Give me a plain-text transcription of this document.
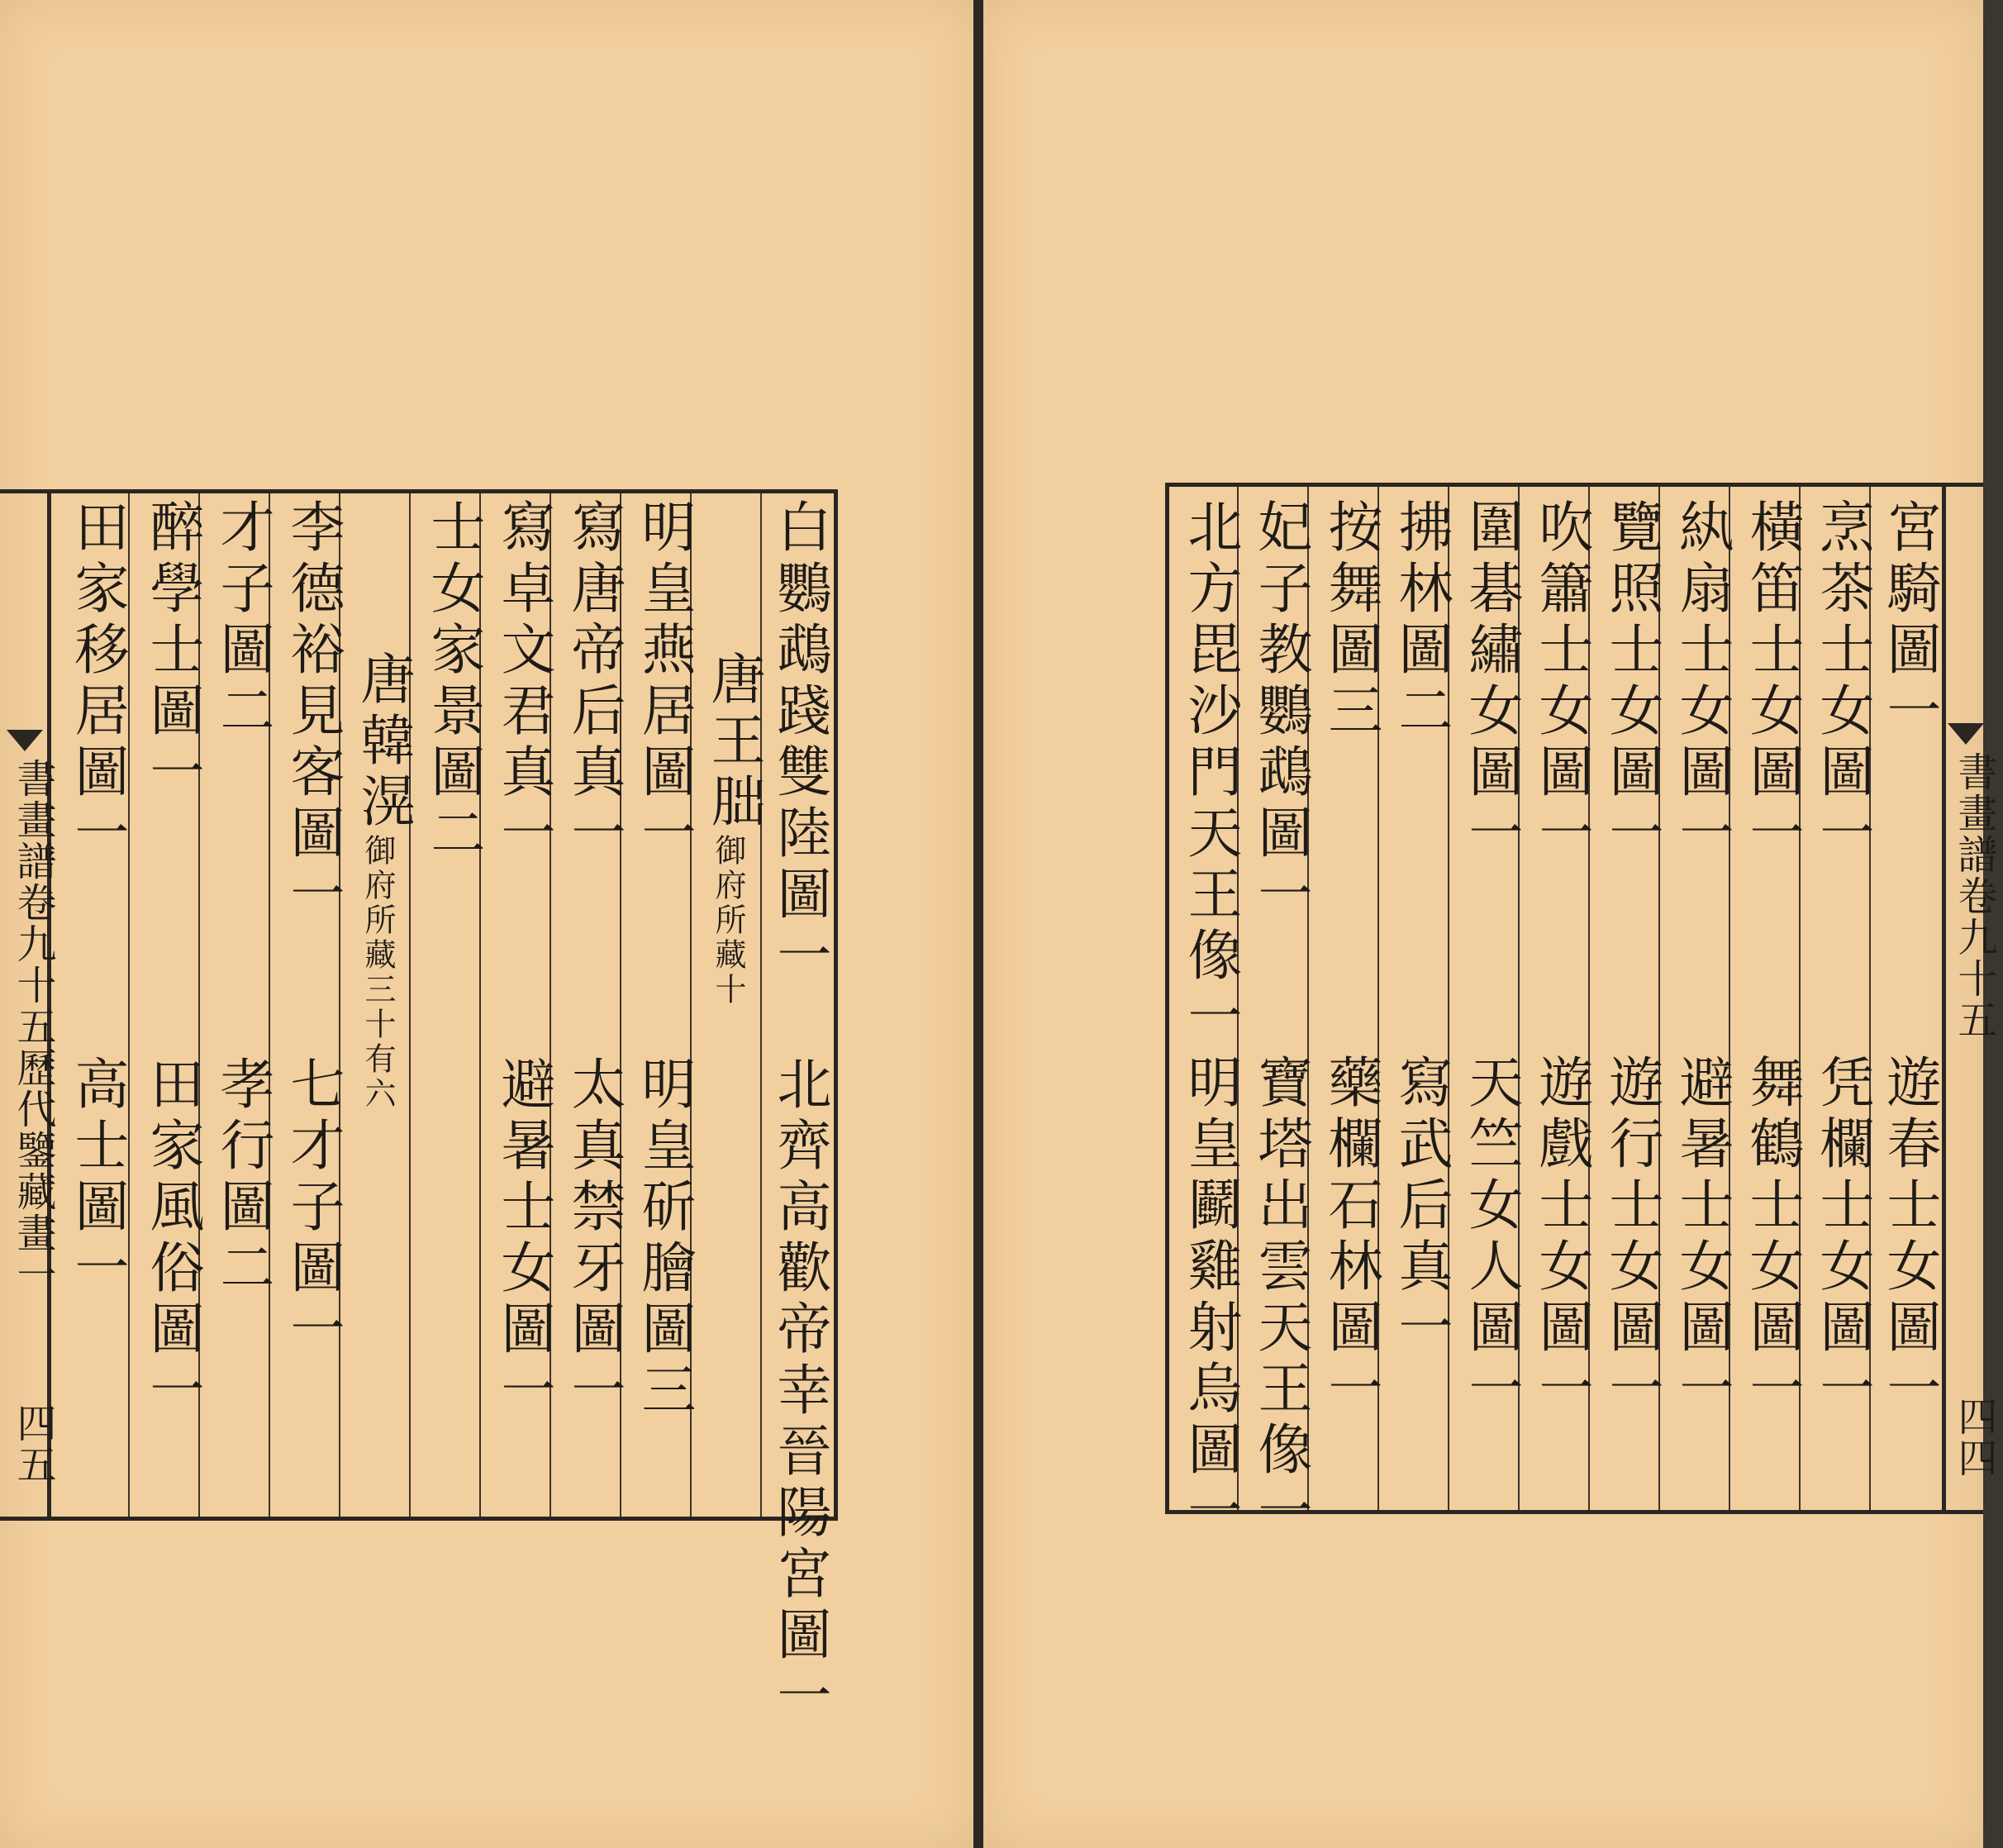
書畫譜卷九十五歷代鑒藏畫一
四五
白鸚鵡踐雙陸圖一
北齊高歡帝幸晉陽宮圖一
唐王朏
御府所藏十
明皇燕居圖一
明皇斫膾圖三
寫唐帝后真一
太真禁牙圖一
寫卓文君真一
避暑士女圖一
士女家景圖二
唐韓滉
御府所藏三十有六
李德裕見客圖一
七才子圖一
才子圖二
孝行圖二
醉學士圖一
田家風俗圖一
田家移居圖一
高士圖一
宮騎圖一
遊春士女圖一
烹茶士女圖一
凭欄士女圖一
橫笛士女圖一
舞鶴士女圖一
紈扇士女圖一
避暑士女圖一
覽照士女圖一
遊行士女圖一
吹簫士女圖一
遊戲士女圖一
圍碁繡女圖一
天竺女人圖一
拂林圖二
寫武后真一
按舞圖三
藥欄石林圖一
妃子教鸚鵡圖一
寶塔出雲天王像一
北方毘沙門天王像一
明皇鬬雞射烏圖一
書畫譜卷九十五
四四
